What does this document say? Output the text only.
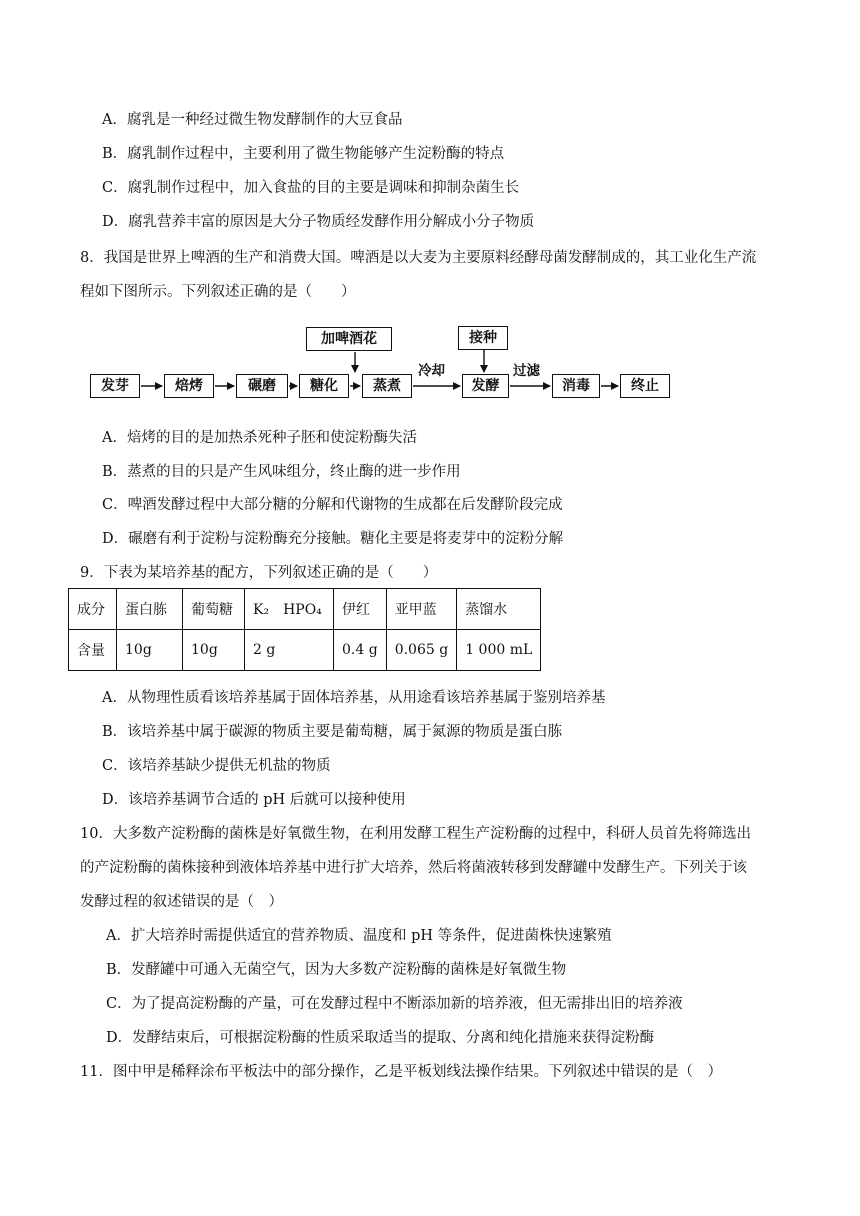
A．腐乳是一种经过微生物发酵制作的大豆食品
B．腐乳制作过程中，主要利用了微生物能够产生淀粉酶的特点
C．腐乳制作过程中，加入食盐的目的主要是调味和抑制杂菌生长
D．腐乳营养丰富的原因是大分子物质经发酵作用分解成小分子物质
8．我国是世界上啤酒的生产和消费大国。啤酒是以大麦为主要原料经酵母菌发酵制成的，其工业化生产流
程如下图所示。下列叙述正确的是（　　）
发芽	焙烤	碾磨	糖化	蒸煮	发酵	消毒	终止
加啤酒花	接种
冷却	过滤
A．焙烤的目的是加热杀死种子胚和使淀粉酶失活
B．蒸煮的目的只是产生风味组分，终止酶的进一步作用
C．啤酒发酵过程中大部分糖的分解和代谢物的生成都在后发酵阶段完成
D．碾磨有利于淀粉与淀粉酶充分接触。糖化主要是将麦芽中的淀粉分解
9．下表为某培养基的配方，下列叙述正确的是（　　）
成分	蛋白胨	葡萄糖	K₂　HPO₄	伊红	亚甲蓝	蒸馏水
含量	10g	10g	2 g	0.4 g	0.065 g	1 000 mL
A．从物理性质看该培养基属于固体培养基，从用途看该培养基属于鉴别培养基
B．该培养基中属于碳源的物质主要是葡萄糖，属于氮源的物质是蛋白胨
C．该培养基缺少提供无机盐的物质
D．该培养基调节合适的 pH 后就可以接种使用
10．大多数产淀粉酶的菌株是好氧微生物，在利用发酵工程生产淀粉酶的过程中，科研人员首先将筛选出
的产淀粉酶的菌株接种到液体培养基中进行扩大培养，然后将菌液转移到发酵罐中发酵生产。下列关于该
发酵过程的叙述错误的是（　）
A．扩大培养时需提供适宜的营养物质、温度和 pH 等条件，促进菌株快速繁殖
B．发酵罐中可通入无菌空气，因为大多数产淀粉酶的菌株是好氧微生物
C．为了提高淀粉酶的产量，可在发酵过程中不断添加新的培养液，但无需排出旧的培养液
D．发酵结束后，可根据淀粉酶的性质采取适当的提取、分离和纯化措施来获得淀粉酶
11．图中甲是稀释涂布平板法中的部分操作，乙是平板划线法操作结果。下列叙述中错误的是（　）
